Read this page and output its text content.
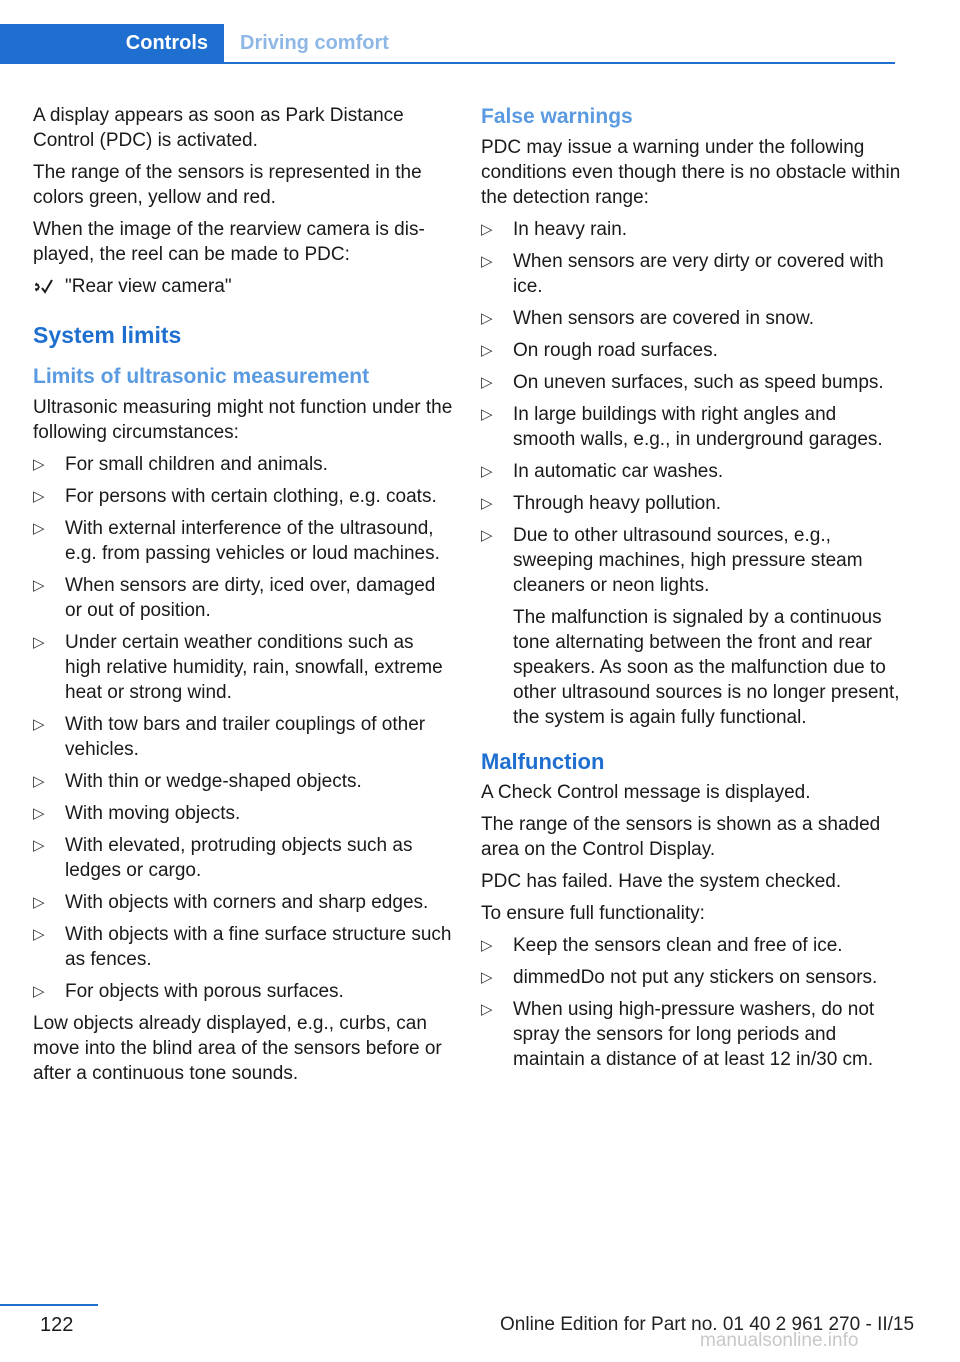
Controls	Driving comfort

A display appears as soon as Park Distance Control (PDC) is activated.

The range of the sensors is represented in the colors green, yellow and red.

When the image of the rearview camera is displayed, the reel can be made to PDC:

"Rear view camera"
System limits
Limits of ultrasonic measurement

Ultrasonic measuring might not function under the following circumstances:

▷ For small children and animals.
▷ For persons with certain clothing, e.g. coats.
▷ With external interference of the ultrasound, e.g. from passing vehicles or loud machines.
▷ When sensors are dirty, iced over, damaged or out of position.
▷ Under certain weather conditions such as high relative humidity, rain, snowfall, extreme heat or strong wind.
▷ With tow bars and trailer couplings of other vehicles.
▷ With thin or wedge-shaped objects.
▷ With moving objects.
▷ With elevated, protruding objects such as ledges or cargo.
▷ With objects with corners and sharp edges.
▷ With objects with a fine surface structure such as fences.
▷ For objects with porous surfaces.

Low objects already displayed, e.g., curbs, can move into the blind area of the sensors before or after a continuous tone sounds.

False warnings

PDC may issue a warning under the following conditions even though there is no obstacle within the detection range:

▷ In heavy rain.
▷ When sensors are very dirty or covered with ice.
▷ When sensors are covered in snow.
▷ On rough road surfaces.
▷ On uneven surfaces, such as speed bumps.
▷ In large buildings with right angles and smooth walls, e.g., in underground garages.
▷ In automatic car washes.
▷ Through heavy pollution.
▷ Due to other ultrasound sources, e.g., sweeping machines, high pressure steam cleaners or neon lights.

The malfunction is signaled by a continuous tone alternating between the front and rear speakers. As soon as the malfunction due to other ultrasound sources is no longer present, the system is again fully functional.

Malfunction

A Check Control message is displayed.

The range of the sensors is shown as a shaded area on the Control Display.

PDC has failed. Have the system checked.

To ensure full functionality:

▷ Keep the sensors clean and free of ice.
▷ dimmedDo not put any stickers on sensors.
▷ When using high-pressure washers, do not spray the sensors for long periods and maintain a distance of at least 12 in/30 cm.
122	Online Edition for Part no. 01 40 2 961 270 - II/15
manualsonline.info
